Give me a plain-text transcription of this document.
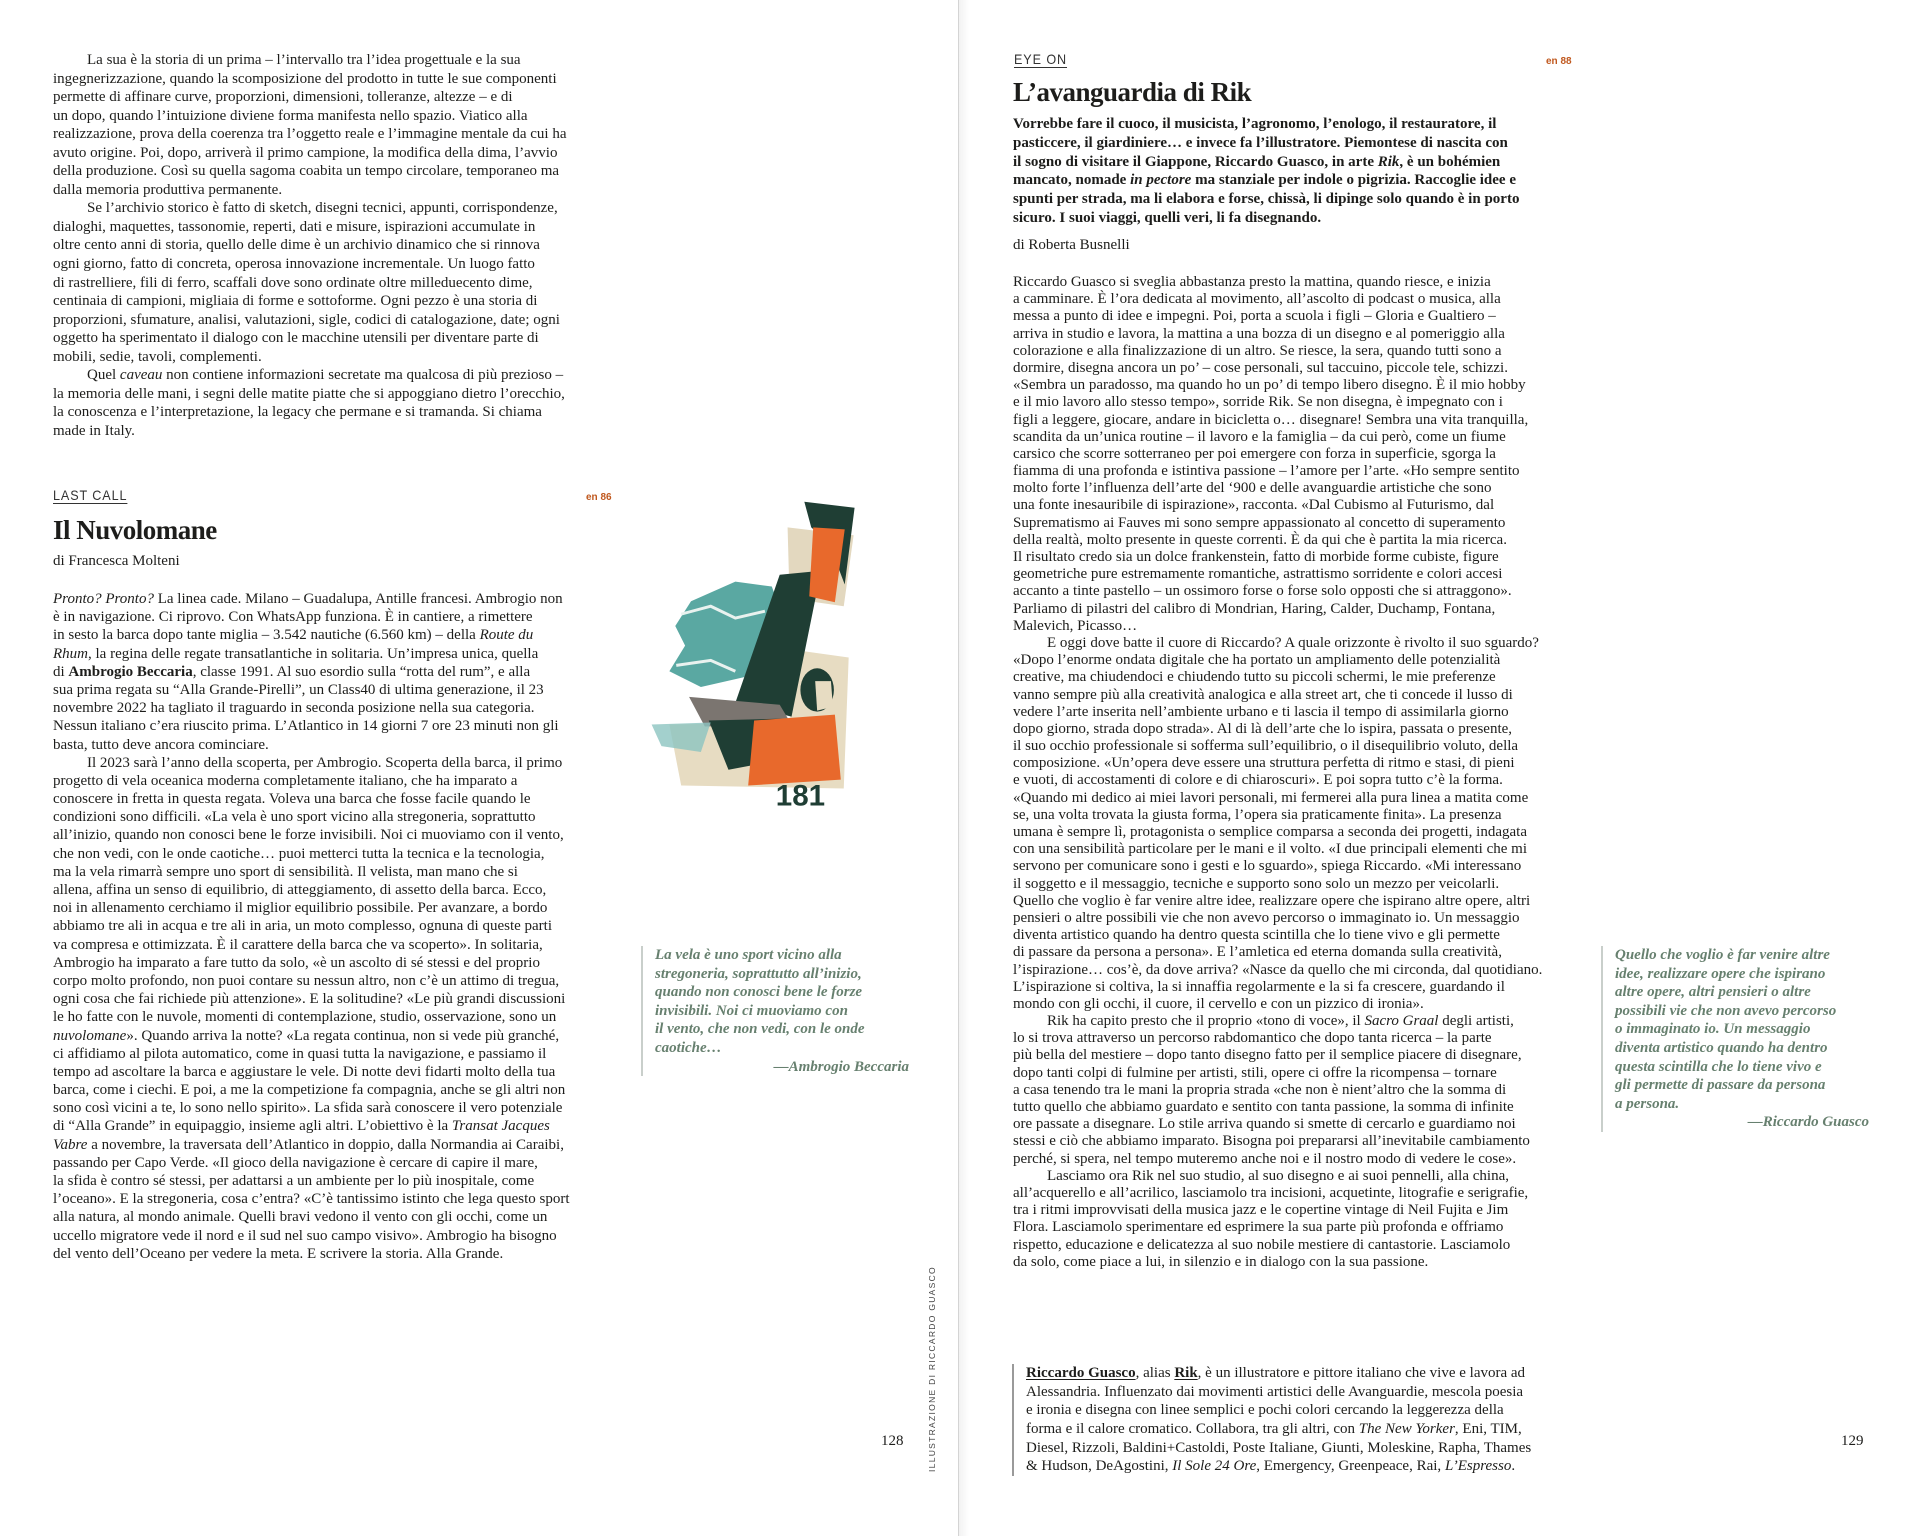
La sua è la storia di un prima – l’intervallo tra l’idea progettuale e la sua
ingegnerizzazione, quando la scomposizione del prodotto in tutte le sue componenti
permette di affinare curve, proporzioni, dimensioni, tolleranze, altezze – e di
un dopo, quando l’intuizione diviene forma manifesta nello spazio. Viatico alla
realizzazione, prova della coerenza tra l’oggetto reale e l’immagine mentale da cui ha
avuto origine. Poi, dopo, arriverà il primo campione, la modifica della dima, l’avvio
della produzione. Così su quella sagoma coabita un tempo circolare, temporaneo ma
dalla memoria produttiva permanente.
Se l’archivio storico è fatto di sketch, disegni tecnici, appunti, corrispondenze,
dialoghi, maquettes, tassonomie, reperti, dati e misure, ispirazioni accumulate in
oltre cento anni di storia, quello delle dime è un archivio dinamico che si rinnova
ogni giorno, fatto di concreta, operosa innovazione incrementale. Un luogo fatto
di rastrelliere, fili di ferro, scaffali dove sono ordinate oltre milleduecento dime,
centinaia di campioni, migliaia di forme e sottoforme. Ogni pezzo è una storia di
proporzioni, sfumature, analisi, valutazioni, sigle, codici di catalogazione, date; ogni
oggetto ha sperimentato il dialogo con le macchine utensili per diventare parte di
mobili, sedie, tavoli, complementi.
Quel caveau non contiene informazioni secretate ma qualcosa di più prezioso –
la memoria delle mani, i segni delle matite piatte che si appoggiano dietro l’orecchio,
la conoscenza e l’interpretazione, la legacy che permane e si tramanda. Si chiama
made in Italy.
LAST CALL	en 86
Il Nuvolomane
di Francesca Molteni
Pronto? Pronto? La linea cade. Milano – Guadalupa, Antille francesi. Ambrogio non
è in navigazione. Ci riprovo. Con WhatsApp funziona. È in cantiere, a rimettere
in sesto la barca dopo tante miglia – 3.542 nautiche (6.560 km) – della Route du
Rhum, la regina delle regate transatlantiche in solitaria. Un’impresa unica, quella
di Ambrogio Beccaria, classe 1991. Al suo esordio sulla “rotta del rum”, e alla
sua prima regata su “Alla Grande-Pirelli”, un Class40 di ultima generazione, il 23
novembre 2022 ha tagliato il traguardo in seconda posizione nella sua categoria.
Nessun italiano c’era riuscito prima. L’Atlantico in 14 giorni 7 ore 23 minuti non gli
basta, tutto deve ancora cominciare.
Il 2023 sarà l’anno della scoperta, per Ambrogio. Scoperta della barca, il primo
progetto di vela oceanica moderna completamente italiano, che ha imparato a
conoscere in fretta in questa regata. Voleva una barca che fosse facile quando le
condizioni sono difficili. «La vela è uno sport vicino alla stregoneria, soprattutto
all’inizio, quando non conosci bene le forze invisibili. Noi ci muoviamo con il vento,
che non vedi, con le onde caotiche… puoi metterci tutta la tecnica e la tecnologia,
ma la vela rimarrà sempre uno sport di sensibilità. Il velista, man mano che si
allena, affina un senso di equilibrio, di atteggiamento, di assetto della barca. Ecco,
noi in allenamento cerchiamo il miglior equilibrio possibile. Per avanzare, a bordo
abbiamo tre ali in acqua e tre ali in aria, un moto complesso, ognuna di queste parti
va compresa e ottimizzata. È il carattere della barca che va scoperto». In solitaria,
Ambrogio ha imparato a fare tutto da solo, «è un ascolto di sé stessi e del proprio
corpo molto profondo, non puoi contare su nessun altro, non c’è un attimo di tregua,
ogni cosa che fai richiede più attenzione». E la solitudine? «Le più grandi discussioni
le ho fatte con le nuvole, momenti di contemplazione, studio, osservazione, sono un
nuvolomane». Quando arriva la notte? «La regata continua, non si vede più granché,
ci affidiamo al pilota automatico, come in quasi tutta la navigazione, e passiamo il
tempo ad ascoltare la barca e aggiustare le vele. Di notte devi fidarti molto della tua
barca, come i ciechi. E poi, a me la competizione fa compagnia, anche se gli altri non
sono così vicini a te, lo sono nello spirito». La sfida sarà conoscere il vero potenziale
di “Alla Grande” in equipaggio, insieme agli altri. L’obiettivo è la Transat Jacques
Vabre a novembre, la traversata dell’Atlantico in doppio, dalla Normandia ai Caraibi,
passando per Capo Verde. «Il gioco della navigazione è cercare di capire il mare,
la sfida è contro sé stessi, per adattarsi a un ambiente per lo più inospitale, come
l’oceano». E la stregoneria, cosa c’entra? «C’è tantissimo istinto che lega questo sport
alla natura, al mondo animale. Quelli bravi vedono il vento con gli occhi, come un
uccello migratore vede il nord e il sud nel suo campo visivo». Ambrogio ha bisogno
del vento dell’Oceano per vedere la meta. E scrivere la storia. Alla Grande.
181
La vela è uno sport vicino alla
stregoneria, soprattutto all’inizio,
quando non conosci bene le forze
invisibili. Noi ci muoviamo con
il vento, che non vedi, con le onde
caotiche…
—Ambrogio Beccaria
ILLUSTRAZIONE DI RICCARDO GUASCO
128
EYE ON	en 88
L’avanguardia di Rik
Vorrebbe fare il cuoco, il musicista, l’agronomo, l’enologo, il restauratore, il
pasticcere, il giardiniere… e invece fa l’illustratore. Piemontese di nascita con
il sogno di visitare il Giappone, Riccardo Guasco, in arte Rik, è un bohémien
mancato, nomade in pectore ma stanziale per indole o pigrizia. Raccoglie idee e
spunti per strada, ma li elabora e forse, chissà, li dipinge solo quando è in porto
sicuro. I suoi viaggi, quelli veri, li fa disegnando.
di Roberta Busnelli
Riccardo Guasco si sveglia abbastanza presto la mattina, quando riesce, e inizia
a camminare. È l’ora dedicata al movimento, all’ascolto di podcast o musica, alla
messa a punto di idee e impegni. Poi, porta a scuola i figli – Gloria e Gualtiero –
arriva in studio e lavora, la mattina a una bozza di un disegno e al pomeriggio alla
colorazione e alla finalizzazione di un altro. Se riesce, la sera, quando tutti sono a
dormire, disegna ancora un po’ – cose personali, sul taccuino, piccole tele, schizzi.
«Sembra un paradosso, ma quando ho un po’ di tempo libero disegno. È il mio hobby
e il mio lavoro allo stesso tempo», sorride Rik. Se non disegna, è impegnato con i
figli a leggere, giocare, andare in bicicletta o… disegnare! Sembra una vita tranquilla,
scandita da un’unica routine – il lavoro e la famiglia – da cui però, come un fiume
carsico che scorre sotterraneo per poi emergere con forza in superficie, sgorga la
fiamma di una profonda e istintiva passione – l’amore per l’arte. «Ho sempre sentito
molto forte l’influenza dell’arte del ‘900 e delle avanguardie artistiche che sono
una fonte inesauribile di ispirazione», racconta. «Dal Cubismo al Futurismo, dal
Suprematismo ai Fauves mi sono sempre appassionato al concetto di superamento
della realtà, molto presente in queste correnti. È da qui che è partita la mia ricerca.
Il risultato credo sia un dolce frankenstein, fatto di morbide forme cubiste, figure
geometriche pure estremamente romantiche, astrattismo sorridente e colori accesi
accanto a tinte pastello – un ossimoro forse o forse solo opposti che si attraggono».
Parliamo di pilastri del calibro di Mondrian, Haring, Calder, Duchamp, Fontana,
Malevich, Picasso…
E oggi dove batte il cuore di Riccardo? A quale orizzonte è rivolto il suo sguardo?
«Dopo l’enorme ondata digitale che ha portato un ampliamento delle potenzialità
creative, ma chiudendoci e chiudendo tutto su piccoli schermi, le mie preferenze
vanno sempre più alla creatività analogica e alla street art, che ti concede il lusso di
vedere l’arte inserita nell’ambiente urbano e ti lascia il tempo di assimilarla giorno
dopo giorno, strada dopo strada». Al di là dell’arte che lo ispira, passata o presente,
il suo occhio professionale si sofferma sull’equilibrio, o il disequilibrio voluto, della
composizione. «Un’opera deve essere una struttura perfetta di ritmo e stasi, di pieni
e vuoti, di accostamenti di colore e di chiaroscuri». E poi sopra tutto c’è la forma.
«Quando mi dedico ai miei lavori personali, mi fermerei alla pura linea a matita come
se, una volta trovata la giusta forma, l’opera sia praticamente finita». La presenza
umana è sempre lì, protagonista o semplice comparsa a seconda dei progetti, indagata
con una sensibilità particolare per le mani e il volto. «I due principali elementi che mi
servono per comunicare sono i gesti e lo sguardo», spiega Riccardo. «Mi interessano
il soggetto e il messaggio, tecniche e supporto sono solo un mezzo per veicolarli.
Quello che voglio è far venire altre idee, realizzare opere che ispirano altre opere, altri
pensieri o altre possibili vie che non avevo percorso o immaginato io. Un messaggio
diventa artistico quando ha dentro questa scintilla che lo tiene vivo e gli permette
di passare da persona a persona». E l’amletica ed eterna domanda sulla creatività,
l’ispirazione… cos’è, da dove arriva? «Nasce da quello che mi circonda, dal quotidiano.
L’ispirazione si coltiva, la si innaffia regolarmente e la si fa crescere, guardando il
mondo con gli occhi, il cuore, il cervello e con un pizzico di ironia».
Rik ha capito presto che il proprio «tono di voce», il Sacro Graal degli artisti,
lo si trova attraverso un percorso rabdomantico che dopo tanta ricerca – la parte
più bella del mestiere – dopo tanto disegno fatto per il semplice piacere di disegnare,
dopo tanti colpi di fulmine per artisti, stili, opere ci offre la ricompensa – tornare
a casa tenendo tra le mani la propria strada «che non è nient’altro che la somma di
tutto quello che abbiamo guardato e sentito con tanta passione, la somma di infinite
ore passate a disegnare. Lo stile arriva quando si smette di cercarlo e guardiamo noi
stessi e ciò che abbiamo imparato. Bisogna poi prepararsi all’inevitabile cambiamento
perché, si spera, nel tempo muteremo anche noi e il nostro modo di vedere le cose».
Lasciamo ora Rik nel suo studio, al suo disegno e ai suoi pennelli, alla china,
all’acquerello e all’acrilico, lasciamolo tra incisioni, acquetinte, litografie e serigrafie,
tra i ritmi improvvisati della musica jazz e le copertine vintage di Neil Fujita e Jim
Flora. Lasciamolo sperimentare ed esprimere la sua parte più profonda e offriamo
rispetto, educazione e delicatezza al suo nobile mestiere di cantastorie. Lasciamolo
da solo, come piace a lui, in silenzio e in dialogo con la sua passione.
Riccardo Guasco, alias Rik, è un illustratore e pittore italiano che vive e lavora ad
Alessandria. Influenzato dai movimenti artistici delle Avanguardie, mescola poesia
e ironia e disegna con linee semplici e pochi colori cercando la leggerezza della
forma e il calore cromatico. Collabora, tra gli altri, con The New Yorker, Eni, TIM,
Diesel, Rizzoli, Baldini+Castoldi, Poste Italiane, Giunti, Moleskine, Rapha, Thames
& Hudson, DeAgostini, Il Sole 24 Ore, Emergency, Greenpeace, Rai, L’Espresso.
Quello che voglio è far venire altre
idee, realizzare opere che ispirano
altre opere, altri pensieri o altre
possibili vie che non avevo percorso
o immaginato io. Un messaggio
diventa artistico quando ha dentro
questa scintilla che lo tiene vivo e
gli permette di passare da persona
a persona.
—Riccardo Guasco
129
